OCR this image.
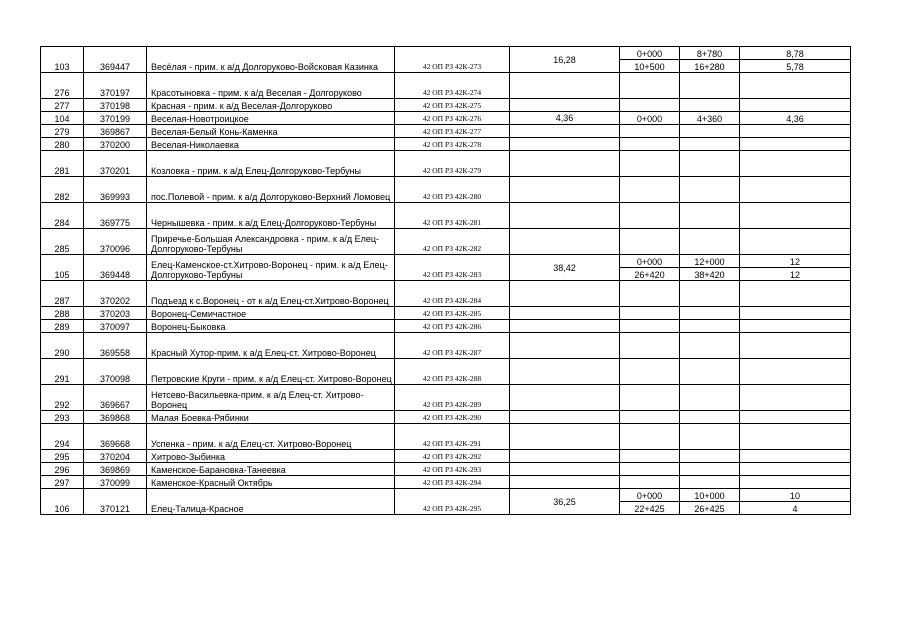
103	369447	Весёлая - прим. к а/д Долгоруково-Войсковая Казинка	42 ОП РЗ 42К-273	16,28	0+000	8+780	8,78
					10+500	16+280	5,78
276	370197	Красотыновка - прим. к а/д Веселая - Долгоруково	42 ОП РЗ 42К-274				
277	370198	Красная - прим. к а/д Веселая-Долгоруково	42 ОП РЗ 42К-275				
104	370199	Веселая-Новотроицкое	42 ОП РЗ 42К-276	4,36	0+000	4+360	4,36
279	369867	Веселая-Белый Конь-Каменка	42 ОП РЗ 42К-277				
280	370200	Веселая-Николаевка	42 ОП РЗ 42К-278				
281	370201	Козловка - прим. к а/д Елец-Долгоруково-Тербуны	42 ОП РЗ 42К-279				
282	369993	пос.Полевой - прим. к а/д Долгоруково-Верхний Ломовец	42 ОП РЗ 42К-280				
284	369775	Чернышевка - прим. к а/д Елец-Долгоруково-Тербуны	42 ОП РЗ 42К-281				
285	370096	Приречье-Большая Александровка - прим. к а/д Елец-Долгоруково-Тербуны	42 ОП РЗ 42К-282				
105	369448	Елец-Каменское-ст.Хитрово-Воронец - прим. к а/д Елец-Долгоруково-Тербуны	42 ОП РЗ 42К-283	38,42	0+000	12+000	12
					26+420	38+420	12
287	370202	Подъезд к с.Воронец - от к а/д Елец-ст.Хитрово-Воронец	42 ОП РЗ 42К-284				
288	370203	Воронец-Семичастное	42 ОП РЗ 42К-285				
289	370097	Воронец-Быковка	42 ОП РЗ 42К-286				
290	369558	Красный Хутор-прим. к а/д Елец-ст. Хитрово-Воронец	42 ОП РЗ 42К-287				
291	370098	Петровские Круги - прим. к а/д Елец-ст. Хитрово-Воронец	42 ОП РЗ 42К-288				
292	369667	Нетсево-Васильевка-прим. к а/д Елец-ст. Хитрово-Воронец	42 ОП РЗ 42К-289				
293	369868	Малая Боевка-Рябинки	42 ОП РЗ 42К-290				
294	369668	Успенка - прим. к а/д Елец-ст. Хитрово-Воронец	42 ОП РЗ 42К-291				
295	370204	Хитрово-Зыбинка	42 ОП РЗ 42К-292				
296	369869	Каменское-Барановка-Танеевка	42 ОП РЗ 42К-293				
297	370099	Каменское-Красный Октябрь	42 ОП РЗ 42К-294				
106	370121	Елец-Талица-Красное	42 ОП РЗ 42К-295	36,25	0+000	10+000	10
					22+425	26+425	4
